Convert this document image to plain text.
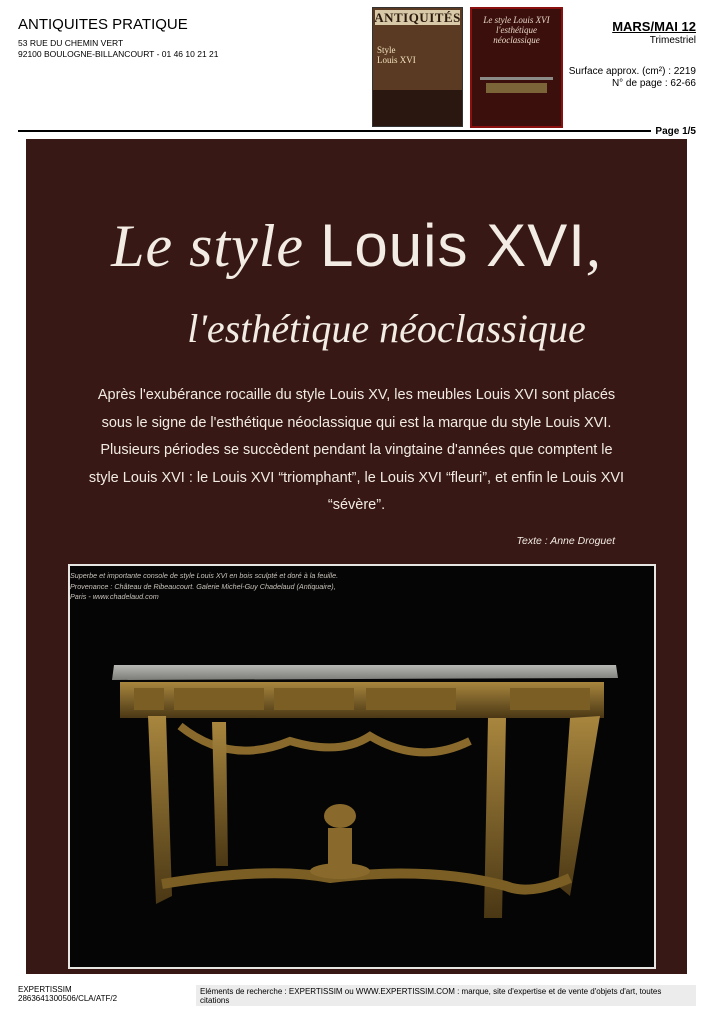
ANTIQUITES PRATIQUE
53 RUE DU CHEMIN VERT
92100 BOULOGNE-BILLANCOURT - 01 46 10 21 21
ANTIQUITÉS
Style
Louis XVI
Le style Louis XVI
l'esthétique néoclassique
MARS/MAI 12
Trimestriel
Surface approx. (cm²) : 2219
N° de page : 62-66
Page 1/5
Le style Louis XVI,
l'esthétique néoclassique
Après l'exubérance rocaille du style Louis XV, les meubles Louis XVI sont placés sous le signe de l'esthétique néoclassique qui est la marque du style Louis XVI. Plusieurs périodes se succèdent pendant la vingtaine d'années que comptent le style Louis XVI : le Louis XVI “triomphant”, le Louis XVI “fleuri”, et enfin le Louis XVI “sévère”.
Texte : Anne Droguet
Superbe et importante console de style Louis XVI en bois sculpté et doré à la feuille.
Provenance : Château de Ribeaucourt. Galerie Michel-Guy Chadelaud (Antiquaire),
Paris - www.chadelaud.com
EXPERTISSIM
2863641300506/CLA/ATF/2
Eléments de recherche : EXPERTISSIM ou WWW.EXPERTISSIM.COM : marque, site d'expertise et de vente d'objets d'art, toutes citations
